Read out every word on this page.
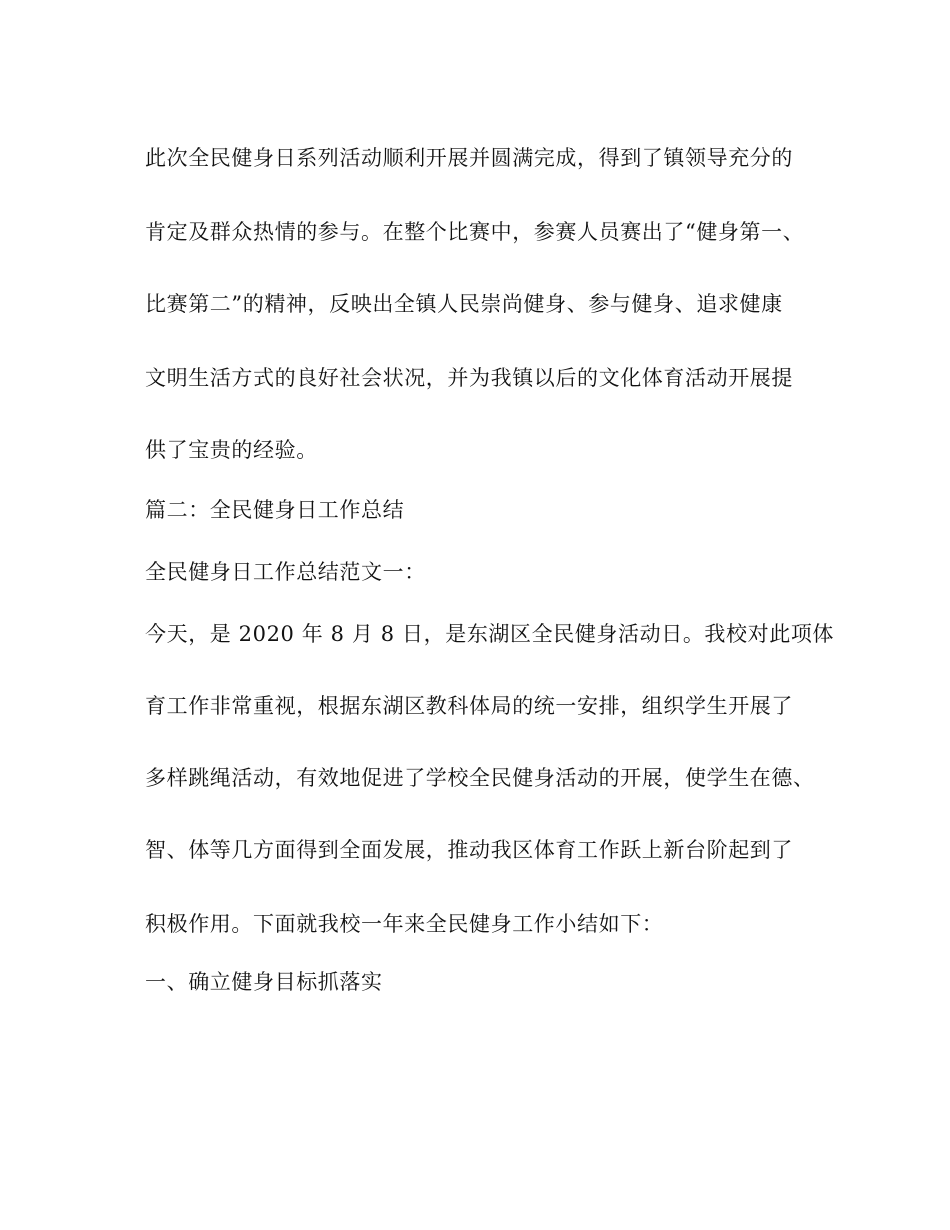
此次全民健身日系列活动顺利开展并圆满完成，得到了镇领导充分的

肯定及群众热情的参与。在整个比赛中，参赛人员赛出了“健身第一、

比赛第二”的精神，反映出全镇人民崇尚健身、参与健身、追求健康

文明生活方式的良好社会状况，并为我镇以后的文化体育活动开展提

供了宝贵的经验。

篇二：全民健身日工作总结

全民健身日工作总结范文一：

今天，是 2020 年 8 月 8 日，是东湖区全民健身活动日。我校对此项体

育工作非常重视，根据东湖区教科体局的统一安排，组织学生开展了

多样跳绳活动，有效地促进了学校全民健身活动的开展，使学生在德、

智、体等几方面得到全面发展，推动我区体育工作跃上新台阶起到了

积极作用。下面就我校一年来全民健身工作小结如下：

一、确立健身目标抓落实
